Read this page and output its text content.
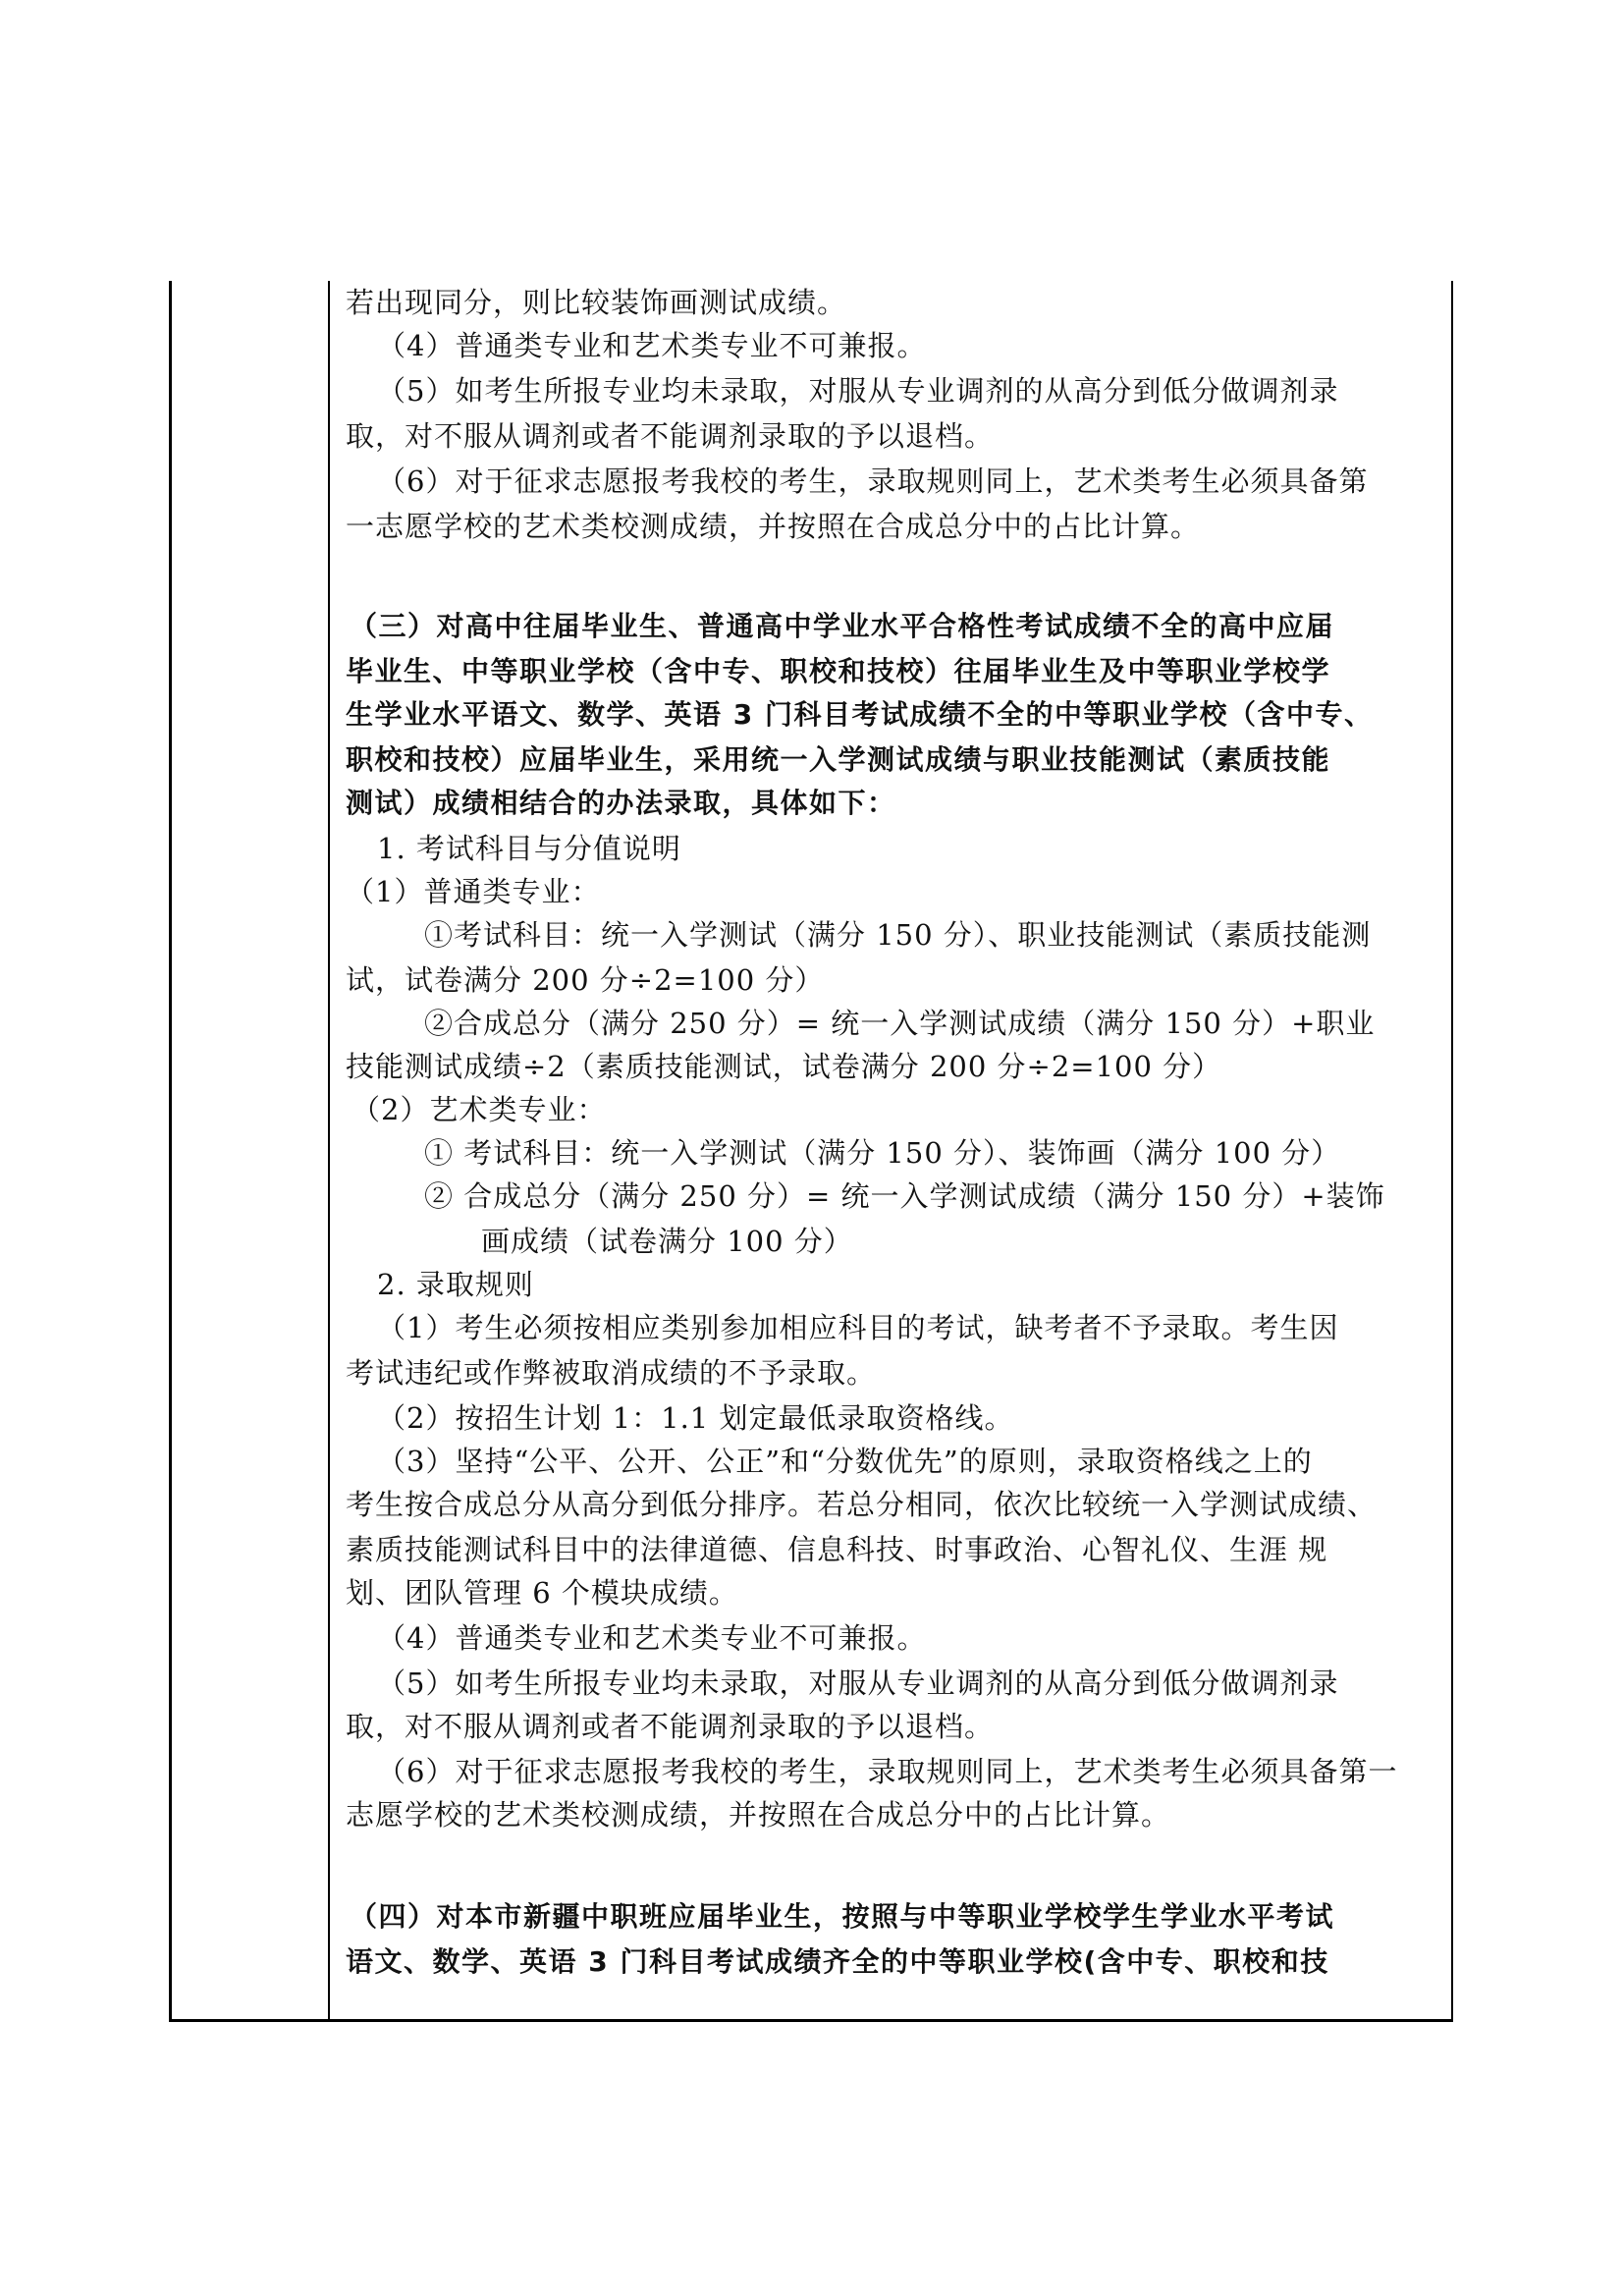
若出现同分，则比较装饰画测试成绩。
（4）普通类专业和艺术类专业不可兼报。
（5）如考生所报专业均未录取，对服从专业调剂的从高分到低分做调剂录
取，对不服从调剂或者不能调剂录取的予以退档。
（6）对于征求志愿报考我校的考生，录取规则同上，艺术类考生必须具备第
一志愿学校的艺术类校测成绩，并按照在合成总分中的占比计算。
（三）对高中往届毕业生、普通高中学业水平合格性考试成绩不全的高中应届
毕业生、中等职业学校（含中专、职校和技校）往届毕业生及中等职业学校学
生学业水平语文、数学、英语 3 门科目考试成绩不全的中等职业学校（含中专、
职校和技校）应届毕业生，采用统一入学测试成绩与职业技能测试（素质技能
测试）成绩相结合的办法录取，具体如下：
1. 考试科目与分值说明
（1）普通类专业：
①考试科目：统一入学测试（满分 150 分）、职业技能测试（素质技能测
试，试卷满分 200 分÷2=100 分）
②合成总分（满分 250 分）= 统一入学测试成绩（满分 150 分）+职业
技能测试成绩÷2（素质技能测试，试卷满分 200 分÷2=100 分）
（2）艺术类专业：
① 考试科目：统一入学测试（满分 150 分）、装饰画（满分 100 分）
② 合成总分（满分 250 分）= 统一入学测试成绩（满分 150 分）+装饰
画成绩（试卷满分 100 分）
2. 录取规则
（1）考生必须按相应类别参加相应科目的考试，缺考者不予录取。考生因
考试违纪或作弊被取消成绩的不予录取。
（2）按招生计划 1：1.1 划定最低录取资格线。
（3）坚持“公平、公开、公正”和“分数优先”的原则，录取资格线之上的
考生按合成总分从高分到低分排序。若总分相同，依次比较统一入学测试成绩、
素质技能测试科目中的法律道德、信息科技、时事政治、心智礼仪、生涯 规
划、团队管理 6 个模块成绩。
（4）普通类专业和艺术类专业不可兼报。
（5）如考生所报专业均未录取，对服从专业调剂的从高分到低分做调剂录
取，对不服从调剂或者不能调剂录取的予以退档。
（6）对于征求志愿报考我校的考生，录取规则同上，艺术类考生必须具备第一
志愿学校的艺术类校测成绩，并按照在合成总分中的占比计算。
（四）对本市新疆中职班应届毕业生，按照与中等职业学校学生学业水平考试
语文、数学、英语 3 门科目考试成绩齐全的中等职业学校(含中专、职校和技
